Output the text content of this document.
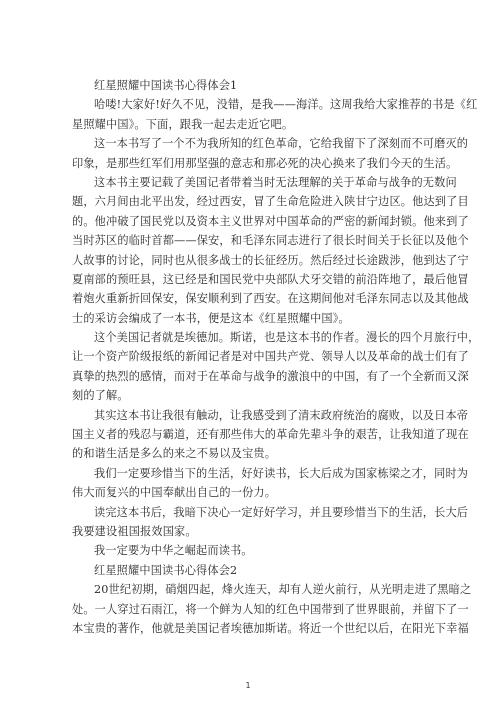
红星照耀中国读书心得体会1
哈喽!大家好!好久不见，没错，是我——海洋。这周我给大家推荐的书是《红
星照耀中国》。下面，跟我一起去走近它吧。
这一本书写了一个不为我所知的红色革命，它给我留下了深刻而不可磨灭的
印象，是那些红军们用那坚强的意志和那必死的决心换来了我们今天的生活。
这本书主要记载了美国记者带着当时无法理解的关于革命与战争的无数问
题，六月间由北平出发，经过西安，冒了生命危险进入陕甘宁边区。他达到了目
的。他冲破了国民党以及资本主义世界对中国革命的严密的新闻封锁。他来到了
当时苏区的临时首都——保安，和毛泽东同志进行了很长时间关于长征以及他个
人故事的讨论，同时也从很多战士的长征经历。然后经过长途跋涉，他到达了宁
夏南部的预旺县，这已经是和国民党中央部队犬牙交错的前沿阵地了，最后他冒
着炮火重新折回保安，保安顺利到了西安。在这期间他对毛泽东同志以及其他战
士的采访会编成了一本书，便是这本《红星照耀中国》。
这个美国记者就是埃德加。斯诺，也是这本书的作者。漫长的四个月旅行中，
让一个资产阶级报纸的新闻记者是对中国共产党、领导人以及革命的战士们有了
真挚的热烈的感情，而对于在革命与战争的激浪中的中国，有了一个全新而又深
刻的了解。
其实这本书让我很有触动，让我感受到了清末政府统治的腐败，以及日本帝
国主义者的残忍与霸道，还有那些伟大的革命先辈斗争的艰苦，让我知道了现在
的和谐生活是多么的来之不易以及宝贵。
我们一定要珍惜当下的生活，好好读书，长大后成为国家栋梁之才，同时为
伟大而复兴的中国奉献出自己的一份力。
读完这本书后，我暗下决心一定好好学习，并且要珍惜当下的生活，长大后
我要建设祖国报效国家。
我一定要为中华之崛起而读书。
红星照耀中国读书心得体会2
20世纪初期，硝烟四起，烽火连天，却有人逆火前行，从光明走进了黑暗之
处。一人穿过石雨江，将一个鲜为人知的红色中国带到了世界眼前，并留下了一
本宝贵的著作，他就是美国记者埃德加斯诺。将近一个世纪以后，在阳光下幸福
1
